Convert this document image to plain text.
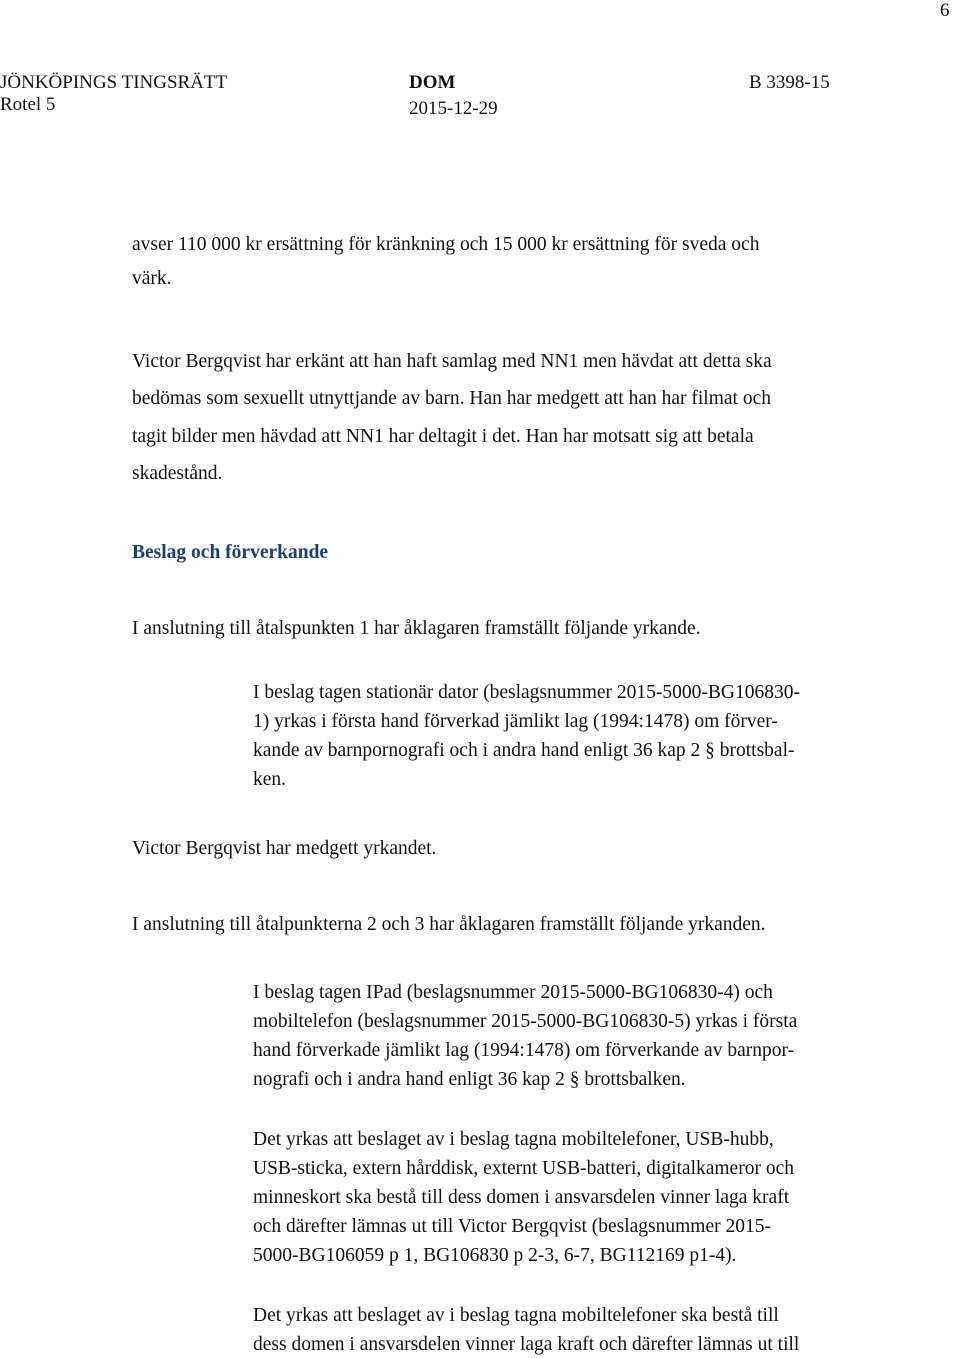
6
JÖNKÖPINGS TINGSRÄTT
Rotel 5
DOM
2015-12-29
B 3398-15
avser 110 000 kr ersättning för kränkning och 15 000 kr ersättning för sveda och
värk.
Victor Bergqvist har erkänt att han haft samlag med NN1 men hävdat att detta ska
bedömas som sexuellt utnyttjande av barn. Han har medgett att han har filmat och
tagit bilder men hävdad att NN1 har deltagit i det. Han har motsatt sig att betala
skadestånd.
Beslag och förverkande
I anslutning till åtalspunkten 1 har åklagaren framställt följande yrkande.
I beslag tagen stationär dator (beslagsnummer 2015-5000-BG106830-
1) yrkas i första hand förverkad jämlikt lag (1994:1478) om förver-
kande av barnpornografi och i andra hand enligt 36 kap 2 § brottsbal-
ken.
Victor Bergqvist har medgett yrkandet.
I anslutning till åtalpunkterna 2 och 3 har åklagaren framställt följande yrkanden.
I beslag tagen IPad (beslagsnummer 2015-5000-BG106830-4) och
mobiltelefon (beslagsnummer 2015-5000-BG106830-5) yrkas i första
hand förverkade jämlikt lag (1994:1478) om förverkande av barnpor-
nografi och i andra hand enligt 36 kap 2 § brottsbalken.
Det yrkas att beslaget av i beslag tagna mobiltelefoner, USB-hubb,
USB-sticka, extern hårddisk, externt USB-batteri, digitalkameror och
minneskort ska bestå till dess domen i ansvarsdelen vinner laga kraft
och därefter lämnas ut till Victor Bergqvist (beslagsnummer 2015-
5000-BG106059 p 1, BG106830 p 2-3, 6-7, BG112169 p1-4).
Det yrkas att beslaget av i beslag tagna mobiltelefoner ska bestå till
dess domen i ansvarsdelen vinner laga kraft och därefter lämnas ut till
